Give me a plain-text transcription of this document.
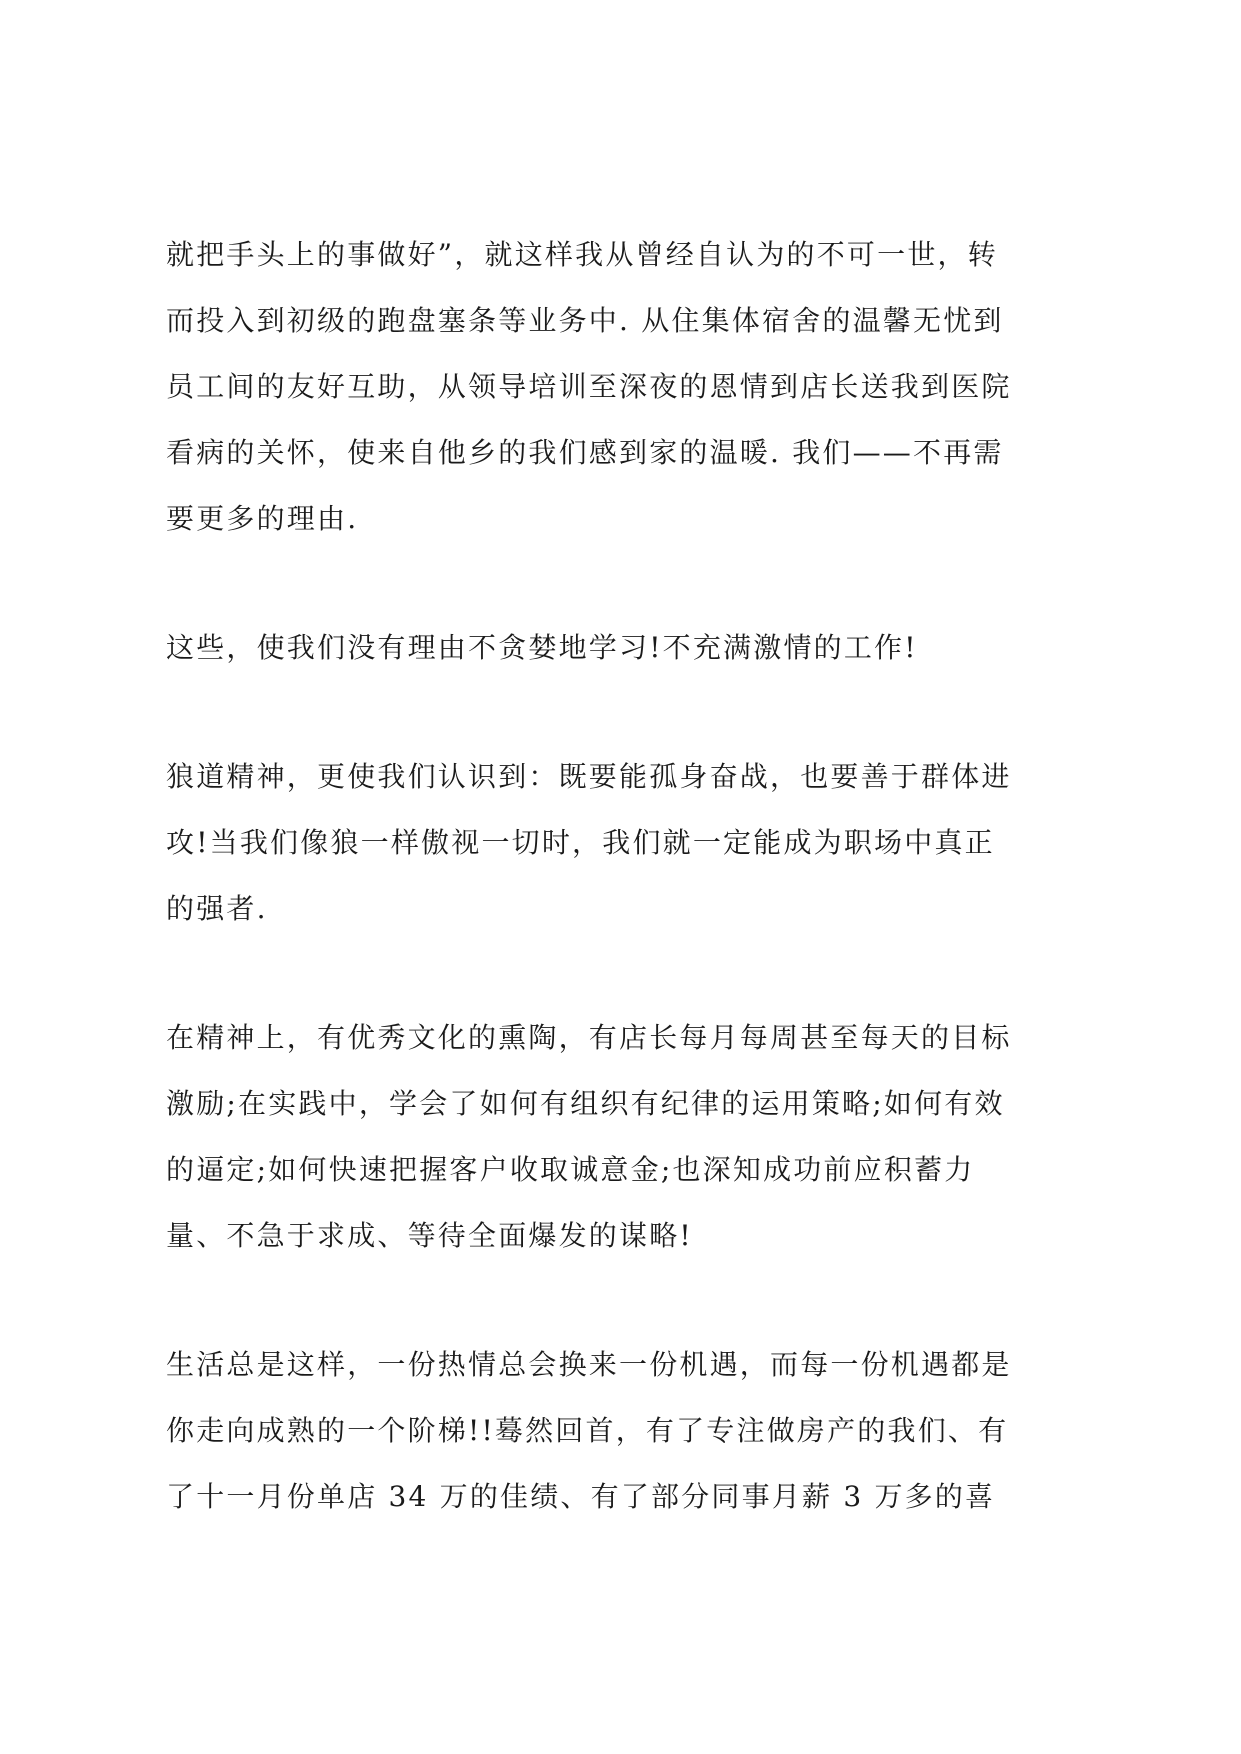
就把手头上的事做好”，就这样我从曾经自认为的不可一世，转
而投入到初级的跑盘塞条等业务中. 从住集体宿舍的温馨无忧到
员工间的友好互助，从领导培训至深夜的恩情到店长送我到医院
看病的关怀，使来自他乡的我们感到家的温暖. 我们——不再需
要更多的理由.

这些，使我们没有理由不贪婪地学习!不充满激情的工作!

狼道精神，更使我们认识到：既要能孤身奋战，也要善于群体进
攻!当我们像狼一样傲视一切时，我们就一定能成为职场中真正
的强者.

在精神上，有优秀文化的熏陶，有店长每月每周甚至每天的目标
激励;在实践中，学会了如何有组织有纪律的运用策略;如何有效
的逼定;如何快速把握客户收取诚意金;也深知成功前应积蓄力
量、不急于求成、等待全面爆发的谋略!

生活总是这样，一份热情总会换来一份机遇，而每一份机遇都是
你走向成熟的一个阶梯!!蓦然回首，有了专注做房产的我们、有
了十一月份单店 34 万的佳绩、有了部分同事月薪 3 万多的喜
